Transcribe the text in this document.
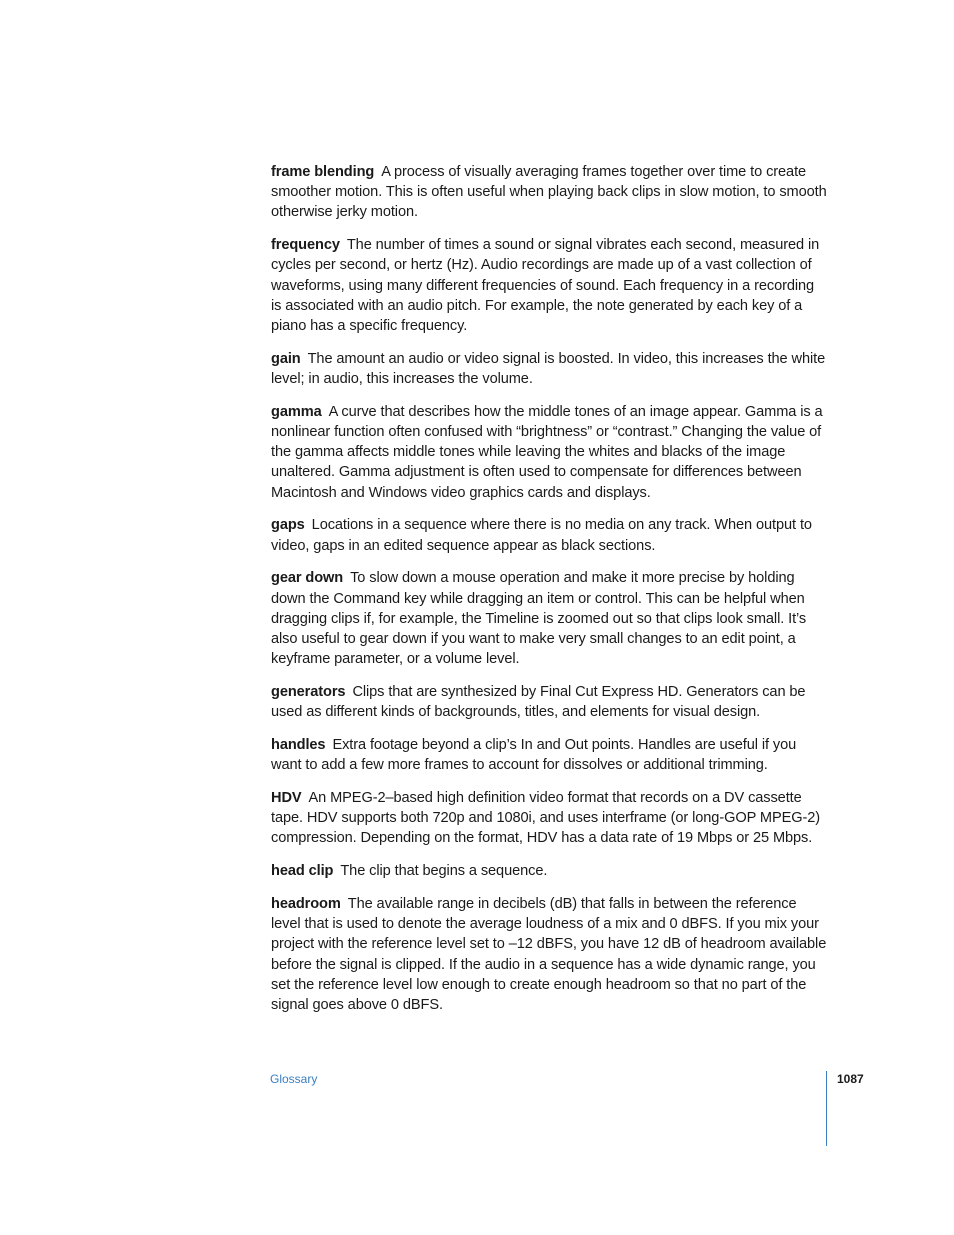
frame blending A process of visually averaging frames together over time to create smoother motion. This is often useful when playing back clips in slow motion, to smooth otherwise jerky motion.

frequency The number of times a sound or signal vibrates each second, measured in cycles per second, or hertz (Hz). Audio recordings are made up of a vast collection of waveforms, using many different frequencies of sound. Each frequency in a recording is associated with an audio pitch. For example, the note generated by each key of a piano has a specific frequency.

gain The amount an audio or video signal is boosted. In video, this increases the white level; in audio, this increases the volume.

gamma A curve that describes how the middle tones of an image appear. Gamma is a nonlinear function often confused with “brightness” or “contrast.” Changing the value of the gamma affects middle tones while leaving the whites and blacks of the image unaltered. Gamma adjustment is often used to compensate for differences between Macintosh and Windows video graphics cards and displays.

gaps Locations in a sequence where there is no media on any track. When output to video, gaps in an edited sequence appear as black sections.

gear down To slow down a mouse operation and make it more precise by holding down the Command key while dragging an item or control. This can be helpful when dragging clips if, for example, the Timeline is zoomed out so that clips look small. It’s also useful to gear down if you want to make very small changes to an edit point, a keyframe parameter, or a volume level.

generators Clips that are synthesized by Final Cut Express HD. Generators can be used as different kinds of backgrounds, titles, and elements for visual design.

handles Extra footage beyond a clip’s In and Out points. Handles are useful if you want to add a few more frames to account for dissolves or additional trimming.

HDV An MPEG-2–based high definition video format that records on a DV cassette tape. HDV supports both 720p and 1080i, and uses interframe (or long-GOP MPEG-2) compression. Depending on the format, HDV has a data rate of 19 Mbps or 25 Mbps.

head clip The clip that begins a sequence.

headroom The available range in decibels (dB) that falls in between the reference level that is used to denote the average loudness of a mix and 0 dBFS. If you mix your project with the reference level set to –12 dBFS, you have 12 dB of headroom available before the signal is clipped. If the audio in a sequence has a wide dynamic range, you set the reference level low enough to create enough headroom so that no part of the signal goes above 0 dBFS.

Glossary	1087
